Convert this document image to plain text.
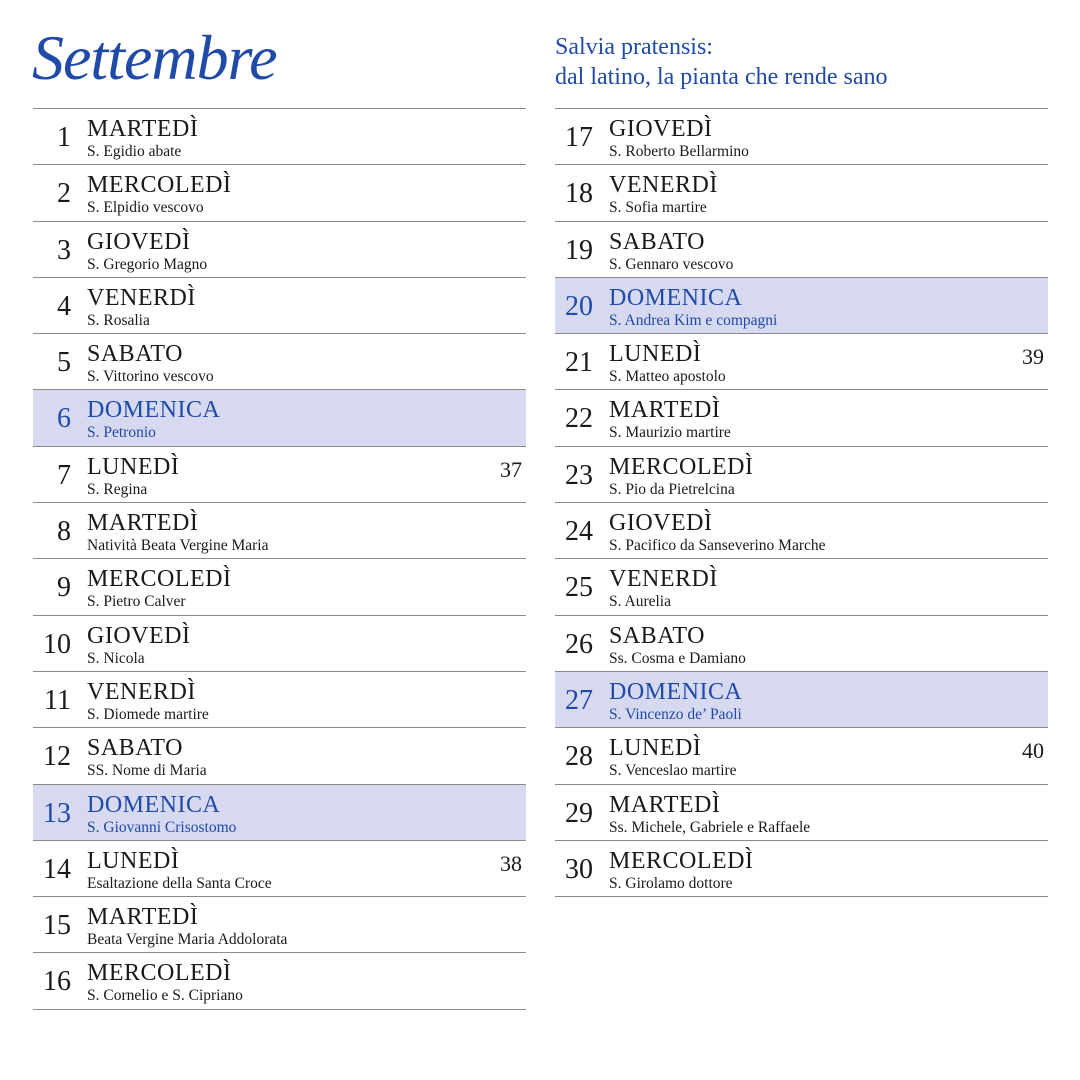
Settembre	Salvia pratensis:
dal latino, la pianta che rende sano
1 MARTEDÌ
S. Egidio abate
2 MERCOLEDÌ
S. Elpidio vescovo
3 GIOVEDÌ
S. Gregorio Magno
4 VENERDÌ
S. Rosalia
5 SABATO
S. Vittorino vescovo
6 DOMENICA
S. Petronio
7 LUNEDÌ
S. Regina
37
8 MARTEDÌ
Natività Beata Vergine Maria
9 MERCOLEDÌ
S. Pietro Calver
10 GIOVEDÌ
S. Nicola
11 VENERDÌ
S. Diomede martire
12 SABATO
SS. Nome di Maria
13 DOMENICA
S. Giovanni Crisostomo
14 LUNEDÌ
Esaltazione della Santa Croce
38
15 MARTEDÌ
Beata Vergine Maria Addolorata
16 MERCOLEDÌ
S. Cornelio e S. Cipriano
17 GIOVEDÌ
S. Roberto Bellarmino
18 VENERDÌ
S. Sofia martire
19 SABATO
S. Gennaro vescovo
20 DOMENICA
S. Andrea Kim e compagni
21 LUNEDÌ
S. Matteo apostolo
39
22 MARTEDÌ
S. Maurizio martire
23 MERCOLEDÌ
S. Pio da Pietrelcina
24 GIOVEDÌ
S. Pacifico da Sanseverino Marche
25 VENERDÌ
S. Aurelia
26 SABATO
Ss. Cosma e Damiano
27 DOMENICA
S. Vincenzo de’ Paoli
28 LUNEDÌ
S. Venceslao martire
40
29 MARTEDÌ
Ss. Michele, Gabriele e Raffaele
30 MERCOLEDÌ
S. Girolamo dottore
